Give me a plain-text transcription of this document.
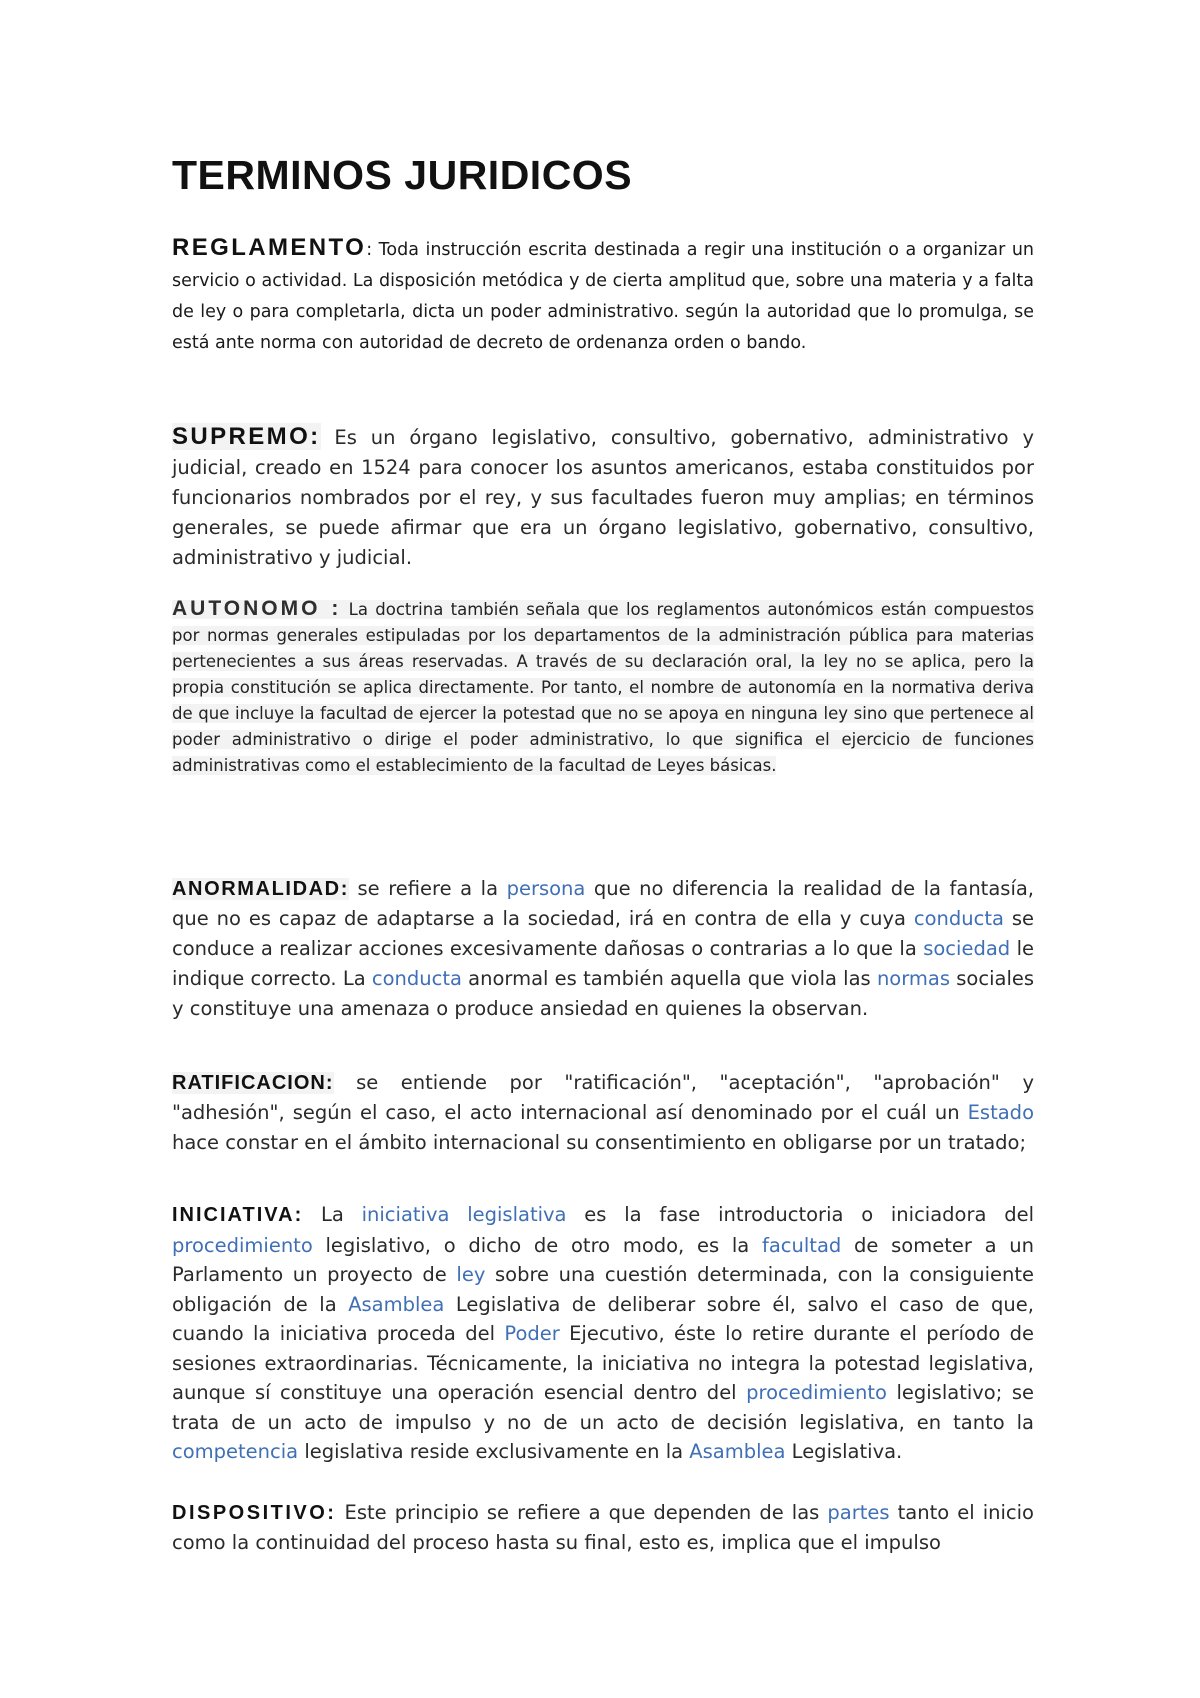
TERMINOS JURIDICOS

REGLAMENTO: Toda instrucción escrita destinada a regir una institución o a organizar un servicio o actividad. La disposición metódica y de cierta amplitud que, sobre una materia y a falta de ley o para completarla, dicta un poder administrativo. según la autoridad que lo promulga, se está ante norma con autoridad de decreto de ordenanza orden o bando.

SUPREMO: Es un órgano legislativo, consultivo, gobernativo, administrativo y judicial, creado en 1524 para conocer los asuntos americanos, estaba constituidos por funcionarios nombrados por el rey, y sus facultades fueron muy amplias; en términos generales, se puede afirmar que era un órgano legislativo, gobernativo, consultivo, administrativo y judicial.

AUTONOMO : La doctrina también señala que los reglamentos autonómicos están compuestos por normas generales estipuladas por los departamentos de la administración pública para materias pertenecientes a sus áreas reservadas. A través de su declaración oral, la ley no se aplica, pero la propia constitución se aplica directamente. Por tanto, el nombre de autonomía en la normativa deriva de que incluye la facultad de ejercer la potestad que no se apoya en ninguna ley sino que pertenece al poder administrativo o dirige el poder administrativo, lo que significa el ejercicio de funciones administrativas como el establecimiento de la facultad de Leyes básicas.

ANORMALIDAD: se refiere a la persona que no diferencia la realidad de la fantasía, que no es capaz de adaptarse a la sociedad, irá en contra de ella y cuya conducta se conduce a realizar acciones excesivamente dañosas o contrarias a lo que la sociedad le indique correcto. La conducta anormal es también aquella que viola las normas sociales y constituye una amenaza o produce ansiedad en quienes la observan.

RATIFICACION: se entiende por "ratificación", "aceptación", "aprobación" y "adhesión", según el caso, el acto internacional así denominado por el cuál un Estado hace constar en el ámbito internacional su consentimiento en obligarse por un tratado;

INICIATIVA: La iniciativa legislativa es la fase introductoria o iniciadora del procedimiento legislativo, o dicho de otro modo, es la facultad de someter a un Parlamento un proyecto de ley sobre una cuestión determinada, con la consiguiente obligación de la Asamblea Legislativa de deliberar sobre él, salvo el caso de que, cuando la iniciativa proceda del Poder Ejecutivo, éste lo retire durante el período de sesiones extraordinarias. Técnicamente, la iniciativa no integra la potestad legislativa, aunque sí constituye una operación esencial dentro del procedimiento legislativo; se trata de un acto de impulso y no de un acto de decisión legislativa, en tanto la competencia legislativa reside exclusivamente en la Asamblea Legislativa.

DISPOSITIVO: Este principio se refiere a que dependen de las partes tanto el inicio como la continuidad del proceso hasta su final, esto es, implica que el impulso
